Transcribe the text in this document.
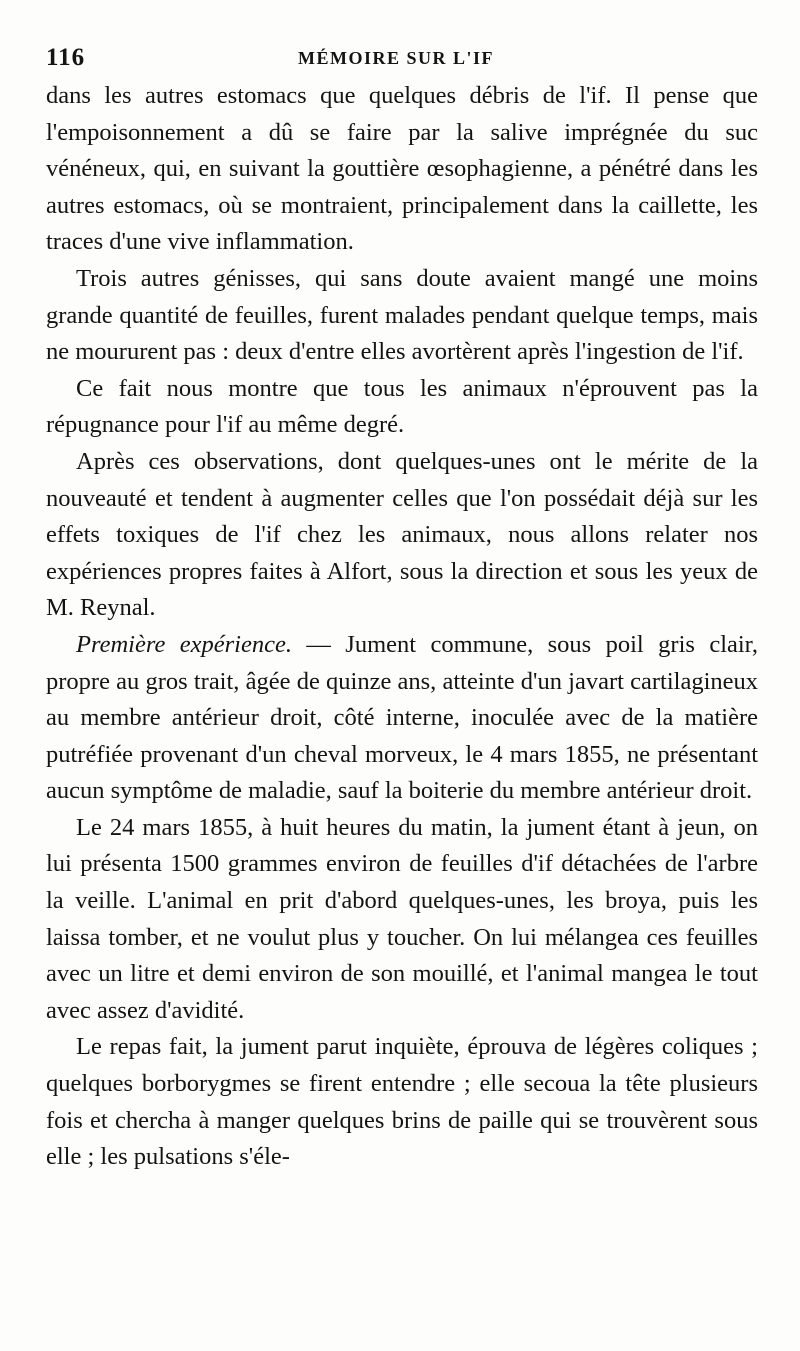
116	MÉMOIRE SUR L'IF

dans les autres estomacs que quelques débris de l'if. Il pense que l'empoisonnement a dû se faire par la salive imprégnée du suc vénéneux, qui, en suivant la gouttière œsophagienne, a pénétré dans les autres estomacs, où se montraient, principalement dans la caillette, les traces d'une vive inflammation.

Trois autres génisses, qui sans doute avaient mangé une moins grande quantité de feuilles, furent malades pendant quelque temps, mais ne moururent pas : deux d'entre elles avortèrent après l'ingestion de l'if.

Ce fait nous montre que tous les animaux n'éprouvent pas la répugnance pour l'if au même degré.

Après ces observations, dont quelques-unes ont le mérite de la nouveauté et tendent à augmenter celles que l'on possédait déjà sur les effets toxiques de l'if chez les animaux, nous allons relater nos expériences propres faites à Alfort, sous la direction et sous les yeux de M. Reynal.

Première expérience. — Jument commune, sous poil gris clair, propre au gros trait, âgée de quinze ans, atteinte d'un javart cartilagineux au membre antérieur droit, côté interne, inoculée avec de la matière putréfiée provenant d'un cheval morveux, le 4 mars 1855, ne présentant aucun symptôme de maladie, sauf la boiterie du membre antérieur droit.

Le 24 mars 1855, à huit heures du matin, la jument étant à jeun, on lui présenta 1500 grammes environ de feuilles d'if détachées de l'arbre la veille. L'animal en prit d'abord quelques-unes, les broya, puis les laissa tomber, et ne voulut plus y toucher. On lui mélangea ces feuilles avec un litre et demi environ de son mouillé, et l'animal mangea le tout avec assez d'avidité.

Le repas fait, la jument parut inquiète, éprouva de légères coliques ; quelques borborygmes se firent entendre ; elle secoua la tête plusieurs fois et chercha à manger quelques brins de paille qui se trouvèrent sous elle ; les pulsations s'éle-
